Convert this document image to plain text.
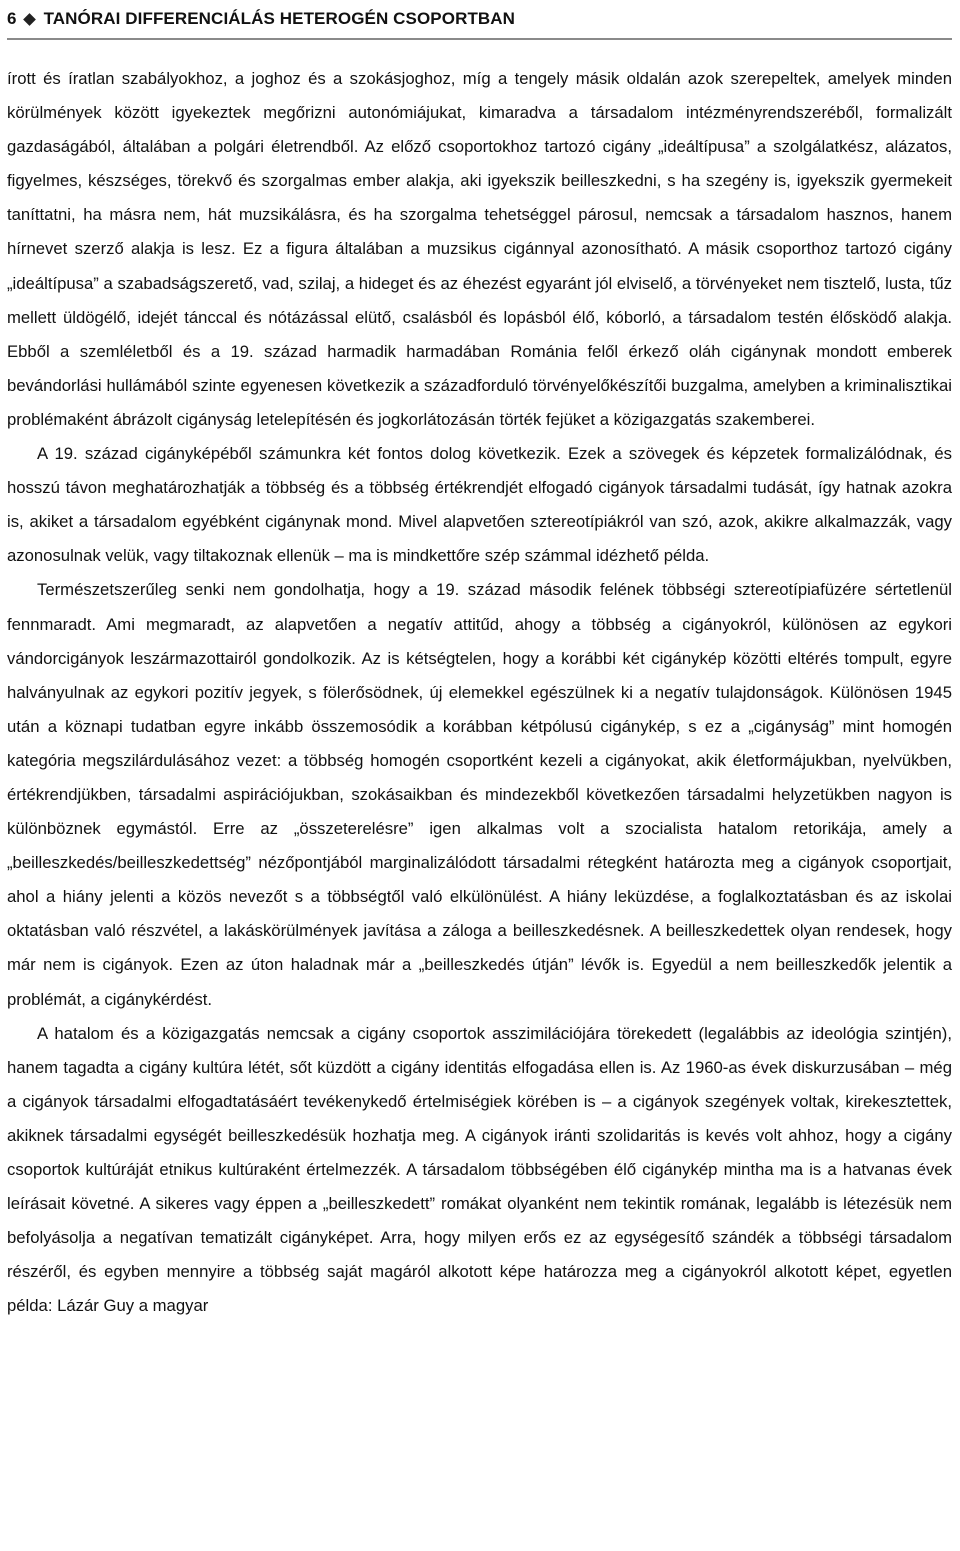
6 TANÓRAI DIFFERENCIÁLÁS HETEROGÉN CSOPORTBAN

írott és íratlan szabályokhoz, a joghoz és a szokásjoghoz, míg a tengely másik oldalán azok szerepeltek, amelyek minden körülmények között igyekeztek megőrizni autonómiájukat, kimaradva a társadalom intézményrendszeréből, formalizált gazdaságából, általában a polgári életrendből. Az előző csoportokhoz tartozó cigány „ideáltípusa” a szolgálatkész, alázatos, figyelmes, készséges, törekvő és szorgalmas ember alakja, aki igyekszik beilleszkedni, s ha szegény is, igyekszik gyermekeit taníttatni, ha másra nem, hát muzsikálásra, és ha szorgalma tehetséggel párosul, nemcsak a társadalom hasznos, hanem hírnevet szerző alakja is lesz. Ez a figura általában a muzsikus cigánnyal azonosítható. A másik csoporthoz tartozó cigány „ideáltípusa” a szabadságszerető, vad, szilaj, a hideget és az éhezést egyaránt jól elviselő, a törvényeket nem tisztelő, lusta, tűz mellett üldögélő, idejét tánccal és nótázással elütő, csalásból és lopásból élő, kóborló, a társadalom testén élősködő alakja. Ebből a szemléletből és a 19. század harmadik harmadában Románia felől érkező oláh cigánynak mondott emberek bevándorlási hullámából szinte egyenesen következik a századforduló törvényelőkészítői buzgalma, amelyben a kriminalisztikai problémaként ábrázolt cigányság letelepítésén és jogkorlátozásán törték fejüket a közigazgatás szakemberei.

A 19. század cigányképéből számunkra két fontos dolog következik. Ezek a szövegek és képzetek formalizálódnak, és hosszú távon meghatározhatják a többség és a többség értékrendjét elfogadó cigányok társadalmi tudását, így hatnak azokra is, akiket a társadalom egyébként cigánynak mond. Mivel alapvetően sztereotípiákról van szó, azok, akikre alkalmazzák, vagy azonosulnak velük, vagy tiltakoznak ellenük – ma is mindkettőre szép számmal idézhető példa.

Természetszerűleg senki nem gondolhatja, hogy a 19. század második felének többségi sztereotípiafüzére sértetlenül fennmaradt. Ami megmaradt, az alapvetően a negatív attitűd, ahogy a többség a cigányokról, különösen az egykori vándorcigányok leszármazottairól gondolkozik. Az is kétségtelen, hogy a korábbi két cigánykép közötti eltérés tompult, egyre halványulnak az egykori pozitív jegyek, s fölerősödnek, új elemekkel egészülnek ki a negatív tulajdonságok. Különösen 1945 után a köznapi tudatban egyre inkább összemosódik a korábban kétpólusú cigánykép, s ez a „cigányság” mint homogén kategória megszilárdulásához vezet: a többség homogén csoportként kezeli a cigányokat, akik életformájukban, nyelvükben, értékrendjükben, társadalmi aspirációjukban, szokásaikban és mindezekből következően társadalmi helyzetükben nagyon is különböznek egymástól. Erre az „összeterelésre” igen alkalmas volt a szocialista hatalom retorikája, amely a „beilleszkedés/beilleszkedettség” nézőpontjából marginalizálódott társadalmi rétegként határozta meg a cigányok csoportjait, ahol a hiány jelenti a közös nevezőt s a többségtől való elkülönülést. A hiány leküzdése, a foglalkoztatásban és az iskolai oktatásban való részvétel, a lakáskörülmények javítása a záloga a beilleszkedésnek. A beilleszkedettek olyan rendesek, hogy már nem is cigányok. Ezen az úton haladnak már a „beilleszkedés útján” lévők is. Egyedül a nem beilleszkedők jelentik a problémát, a cigánykérdést.

A hatalom és a közigazgatás nemcsak a cigány csoportok asszimilációjára törekedett (legalábbis az ideológia szintjén), hanem tagadta a cigány kultúra létét, sőt küzdött a cigány identitás elfogadása ellen is. Az 1960-as évek diskurzusában – még a cigányok társadalmi elfogadtatásáért tevékenykedő értelmiségiek körében is – a cigányok szegények voltak, kirekesztettek, akiknek társadalmi egységét beilleszkedésük hozhatja meg. A cigányok iránti szolidaritás is kevés volt ahhoz, hogy a cigány csoportok kultúráját etnikus kultúraként értelmezzék. A társadalom többségében élő cigánykép mintha ma is a hatvanas évek leírásait követné. A sikeres vagy éppen a „beilleszkedett” romákat olyanként nem tekintik romának, legalább is létezésük nem befolyásolja a negatívan tematizált cigányképet. Arra, hogy milyen erős ez az egységesítő szándék a többségi társadalom részéről, és egyben mennyire a többség saját magáról alkotott képe határozza meg a cigányokról alkotott képet, egyetlen példa: Lázár Guy a magyar
